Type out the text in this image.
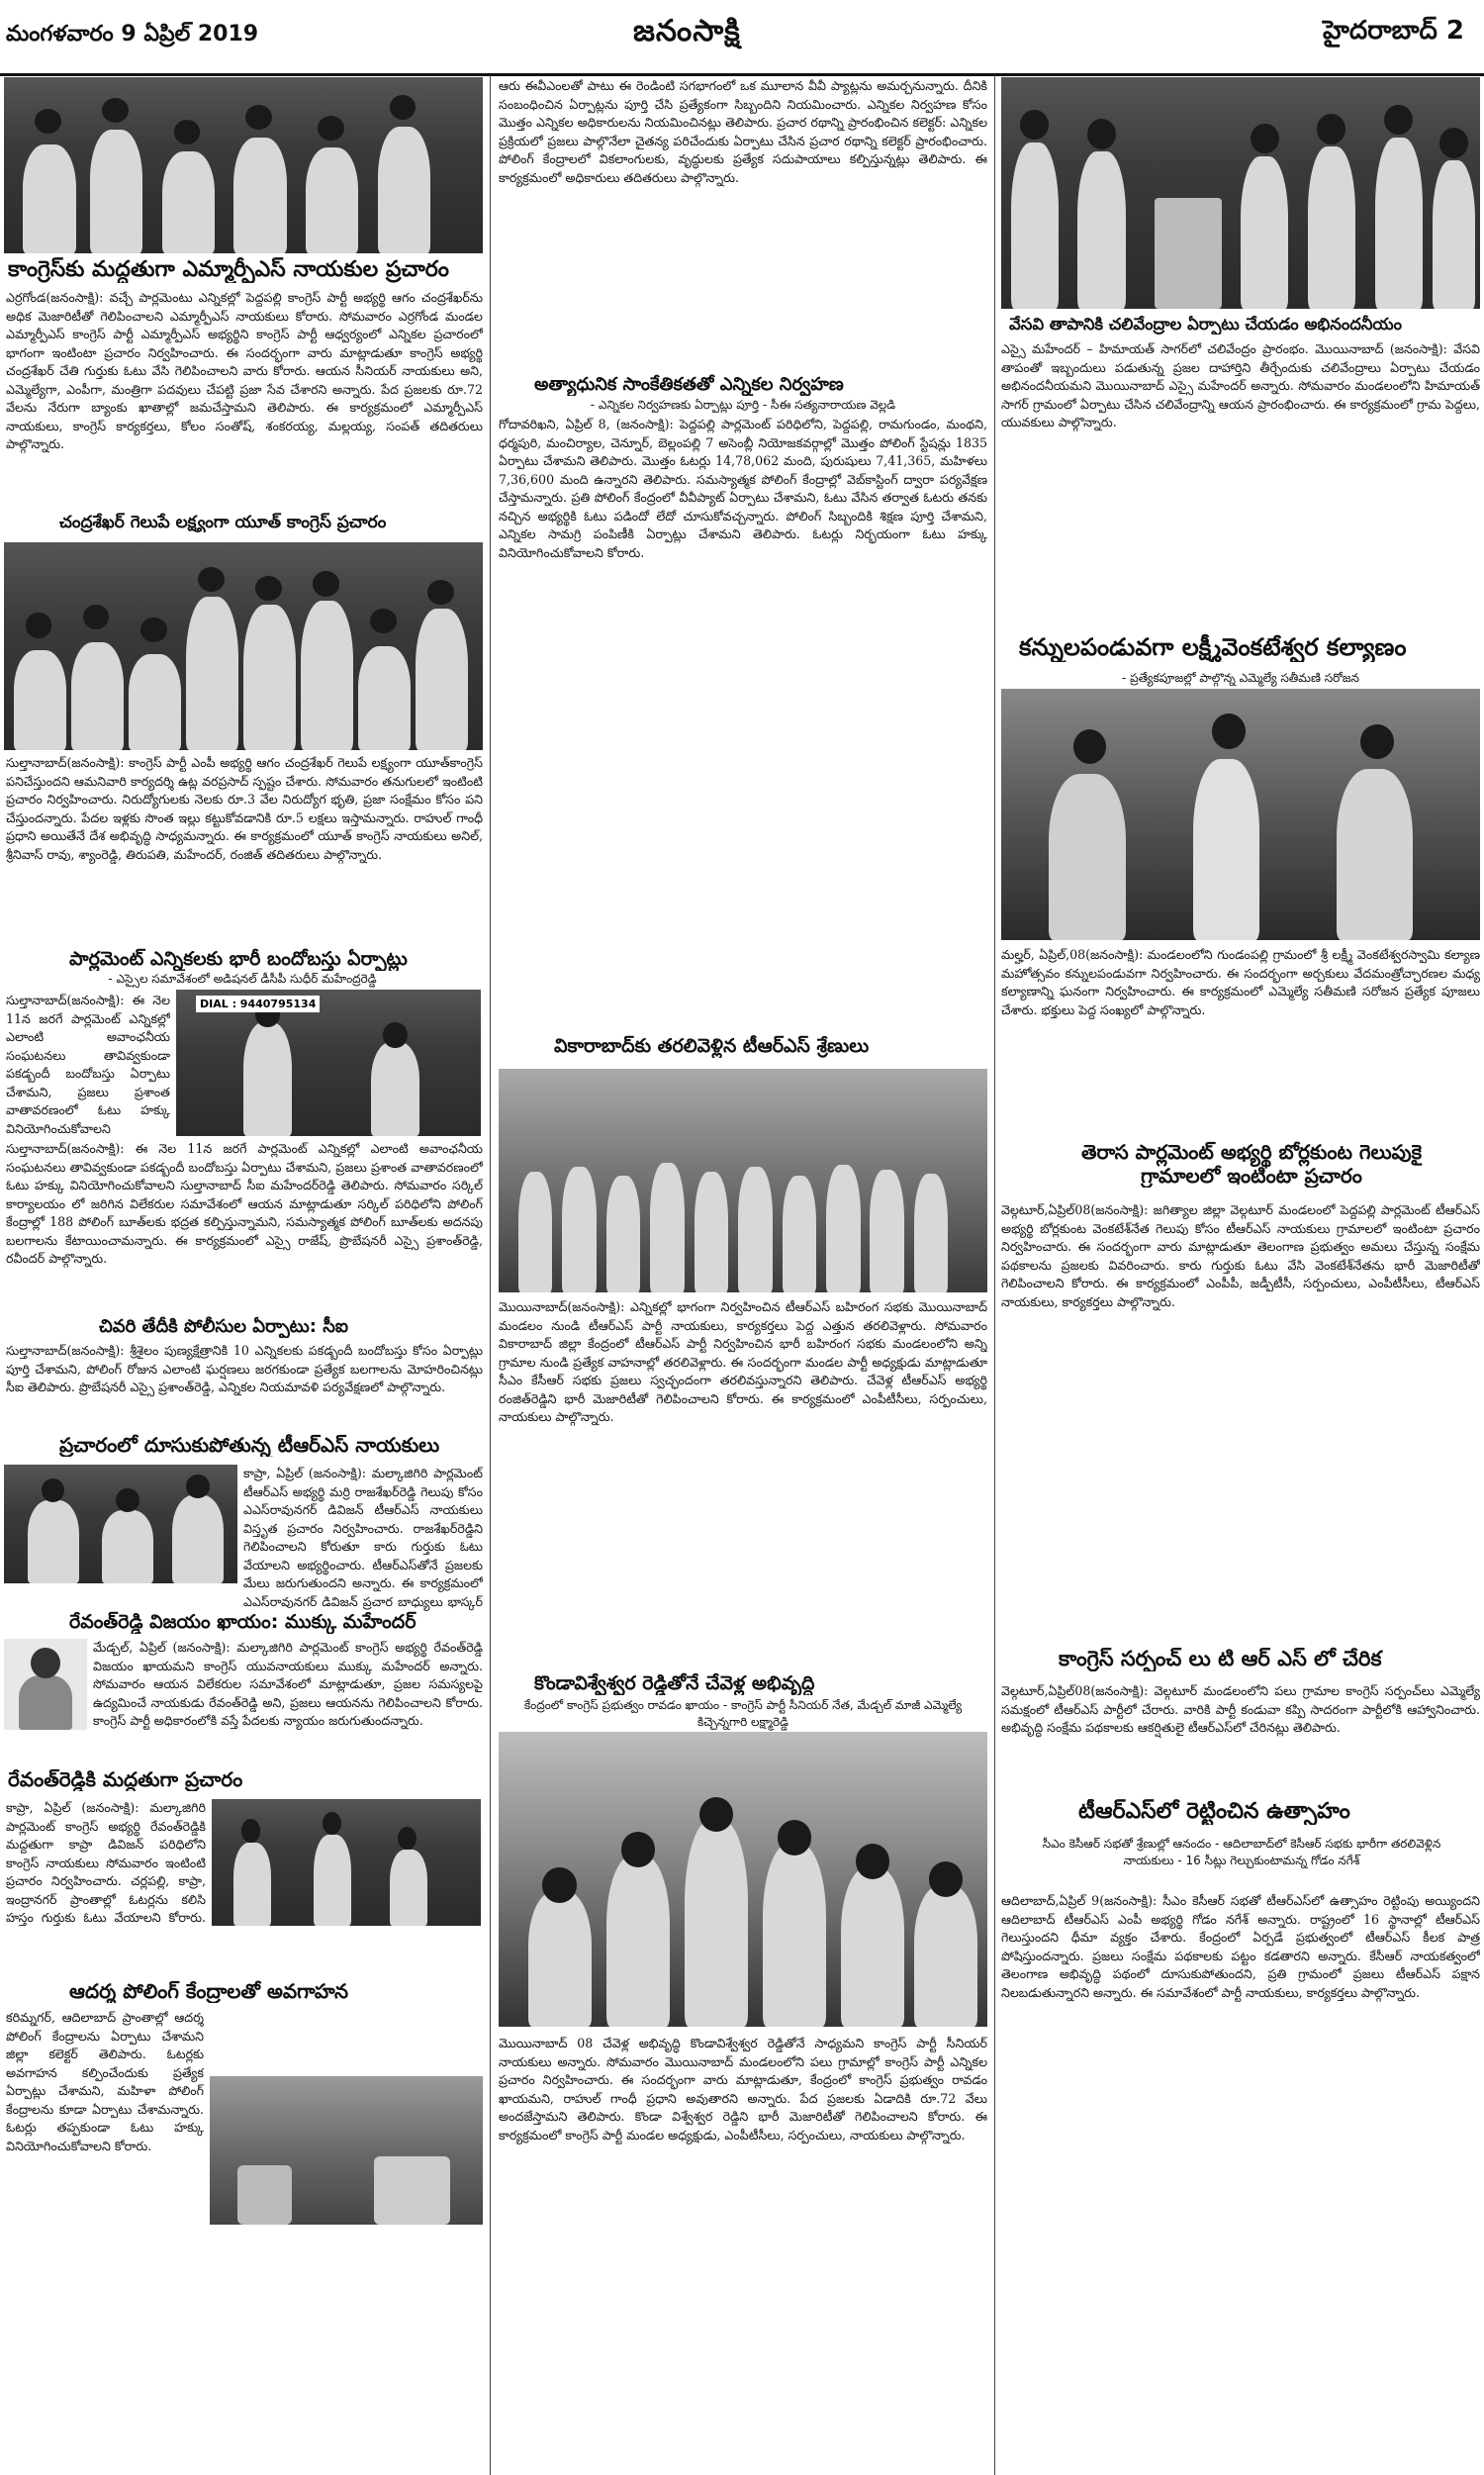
మంగళవారం 9 ఏప్రిల్ 2019	జనంసాక్షి	హైదరాబాద్ 2
కాంగ్రెస్‌కు మద్దతుగా ఎమ్మార్పీఎస్ నాయకుల ప్రచారం
ఎర్రగోండ(జనంసాక్షి): వచ్చే పార్లమెంటు ఎన్నికల్లో పెద్దపల్లి కాంగ్రెస్ పార్టీ అభ్యర్థి ఆగం చంద్రశేఖర్‌ను అధిక మెజారిటీతో గెలిపించాలని ఎమ్మార్పీఎస్ నాయకులు కోరారు. సోమవారం ఎర్రగోండ మండల ఎమ్మార్పీఎస్ కాంగ్రెస్ పార్టీ ఎమ్మార్పీఎస్ అభ్యర్థిని కాంగ్రెస్ పార్టీ ఆధ్వర్యంలో ఎన్నికల ప్రచారంలో భాగంగా ఇంటింటా ప్రచారం నిర్వహించారు. ఈ సందర్భంగా వారు మాట్లాడుతూ కాంగ్రెస్ అభ్యర్థి చంద్రశేఖర్ చేతి గుర్తుకు ఓటు వేసి గెలిపించాలని వారు కోరారు. ఆయన సీనియర్ నాయకులు అని, ఎమ్మెల్యేగా, ఎంపీగా, మంత్రిగా పదవులు చేపట్టి ప్రజా సేవ చేశారని అన్నారు. పేద ప్రజలకు రూ.72 వేలను నేరుగా బ్యాంకు ఖాతాల్లో జమచేస్తామని తెలిపారు. ఈ కార్యక్రమంలో ఎమ్మార్పీఎస్ నాయకులు, కాంగ్రెస్ కార్యకర్తలు, కోలం సంతోష్, శంకరయ్య, మల్లయ్య, సంపత్ తదితరులు పాల్గొన్నారు.
చంద్రశేఖర్ గెలుపే లక్ష్యంగా యూత్ కాంగ్రెస్ ప్రచారం
సుల్తానాబాద్(జనంసాక్షి): కాంగ్రెస్ పార్టీ ఎంపీ అభ్యర్థి ఆగం చంద్రశేఖర్ గెలుపే లక్ష్యంగా యూత్‌కాంగ్రెస్ పనిచేస్తుందని ఆమనివారి కార్యదర్శి ఉట్ల వరప్రసాద్ స్పష్టం చేశారు. సోమవారం తనుగులలో ఇంటింటి ప్రచారం నిర్వహించారు. నిరుద్యోగులకు నెలకు రూ.3 వేల నిరుద్యోగ భృతి, ప్రజా సంక్షేమం కోసం పని చేస్తుందన్నారు. పేదల ఇళ్లకు సొంత ఇల్లు కట్టుకోవడానికి రూ.5 లక్షలు ఇస్తామన్నారు. రాహుల్ గాంధీ ప్రధాని అయితేనే దేశ అభివృద్ధి సాధ్యమన్నారు. ఈ కార్యక్రమంలో యూత్ కాంగ్రెస్ నాయకులు అనిల్, శ్రీనివాస్ రావు, శ్యాంరెడ్డి, తిరుపతి, మహేందర్, రంజిత్ తదితరులు పాల్గొన్నారు.
పార్లమెంట్ ఎన్నికలకు భారీ బందోబస్తు ఏర్పాట్లు
- ఎస్సైల సమావేశంలో అడిషనల్ డీసీపీ సుధీర్ మహేంద్రరెడ్డి
DIAL : 9440795134
సుల్తానాబాద్(జనంసాక్షి): ఈ నెల 11న జరగే పార్లమెంట్ ఎన్నికల్లో ఎలాంటి అవాంఛనీయ సంఘటనలు తావివ్వకుండా పకడ్బందీ బందోబస్తు ఏర్పాటు చేశామని, ప్రజలు ప్రశాంత వాతావరణంలో ఓటు హక్కు వినియోగించుకోవాలని
సుల్తానాబాద్(జనంసాక్షి): ఈ నెల 11న జరగే పార్లమెంట్ ఎన్నికల్లో ఎలాంటి అవాంఛనీయ సంఘటనలు తావివ్వకుండా పకడ్బందీ బందోబస్తు ఏర్పాటు చేశామని, ప్రజలు ప్రశాంత వాతావరణంలో ఓటు హక్కు వినియోగించుకోవాలని సుల్తానాబాద్ సీఐ మహేందర్‌రెడ్డి తెలిపారు. సోమవారం సర్కిల్ కార్యాలయం లో జరిగిన విలేకరుల సమావేశంలో ఆయన మాట్లాడుతూ సర్కిల్ పరిధిలోని పోలింగ్ కేంద్రాల్లో 188 పోలింగ్ బూత్‌లకు భద్రత కల్పిస్తున్నామని, సమస్యాత్మక పోలింగ్ బూత్‌లకు అదనపు బలగాలను కేటాయించామన్నారు. ఈ కార్యక్రమంలో ఎస్సై రాజేష్, ప్రొబేషనరీ ఎస్సై ప్రశాంత్‌రెడ్డి, రవీందర్ పాల్గొన్నారు.
చివరి తేదీకి పోలీసుల ఏర్పాటు: సీఐ
సుల్తానాబాద్(జనంసాక్షి): శ్రీశైలం పుణ్యక్షేత్రానికి 10 ఎన్నికలకు పకడ్బందీ బందోబస్తు కోసం ఏర్పాట్లు పూర్తి చేశామని, పోలింగ్ రోజున ఎలాంటి ఘర్షణలు జరగకుండా ప్రత్యేక బలగాలను మోహరించినట్లు సీఐ తెలిపారు. ప్రొబేషనరీ ఎస్సై ప్రశాంత్‌రెడ్డి, ఎన్నికల నియమావళి పర్యవేక్షణలో పాల్గొన్నారు.
ప్రచారంలో దూసుకుపోతున్న టీఆర్ఎస్ నాయకులు
కాప్రా, ఏప్రిల్ (జనంసాక్షి): మల్కాజిగిరి పార్లమెంట్ టీఆర్ఎస్ అభ్యర్థి మర్రి రాజశేఖర్‌రెడ్డి గెలుపు కోసం ఎఎస్‌రావునగర్ డివిజన్ టీఆర్ఎస్ నాయకులు విస్తృత ప్రచారం నిర్వహించారు. రాజశేఖర్‌రెడ్డిని గెలిపించాలని కోరుతూ కారు గుర్తుకు ఓటు వేయాలని అభ్యర్థించారు. టీఆర్ఎస్‌తోనే ప్రజలకు మేలు జరుగుతుందని అన్నారు. ఈ కార్యక్రమంలో ఎఎస్‌రావునగర్ డివిజన్ ప్రచార బాధ్యులు భాస్కర్
రేవంత్‌రెడ్డి విజయం ఖాయం: ముక్కు మహేందర్
మేడ్చల్, ఏప్రిల్ (జనంసాక్షి): మల్కాజిగిరి పార్లమెంట్ కాంగ్రెస్ అభ్యర్థి రేవంత్‌రెడ్డి విజయం ఖాయమని కాంగ్రెస్ యువనాయకులు ముక్కు మహేందర్ అన్నారు. సోమవారం ఆయన విలేకరుల సమావేశంలో మాట్లాడుతూ, ప్రజల సమస్యలపై ఉద్యమించే నాయకుడు రేవంత్‌రెడ్డి అని, ప్రజలు ఆయనను గెలిపించాలని కోరారు. కాంగ్రెస్ పార్టీ అధికారంలోకి వస్తే పేదలకు న్యాయం జరుగుతుందన్నారు.
రేవంత్‌రెడ్డికి మద్దతుగా ప్రచారం
కాప్రా, ఏప్రిల్ (జనంసాక్షి): మల్కాజిగిరి పార్లమెంట్ కాంగ్రెస్ అభ్యర్థి రేవంత్‌రెడ్డికి మద్దతుగా కాప్రా డివిజన్ పరిధిలోని కాంగ్రెస్ నాయకులు సోమవారం ఇంటింటి ప్రచారం నిర్వహించారు. చర్లపల్లి, కాప్రా, ఇంద్రానగర్ ప్రాంతాల్లో ఓటర్లను కలిసి హస్తం గుర్తుకు ఓటు వేయాలని కోరారు.
ఆదర్శ పోలింగ్ కేంద్రాలతో అవగాహన
కరిమ్నగర్, ఆదిలాబాద్ ప్రాంతాల్లో ఆదర్శ పోలింగ్ కేంద్రాలను ఏర్పాటు చేశామని జిల్లా కలెక్టర్ తెలిపారు. ఓటర్లకు అవగాహన కల్పించేందుకు ప్రత్యేక ఏర్పాట్లు చేశామని, మహిళా పోలింగ్ కేంద్రాలను కూడా ఏర్పాటు చేశామన్నారు. ఓటర్లు తప్పకుండా ఓటు హక్కు వినియోగించుకోవాలని కోరారు.
ఆరు ఈవీఎంలతో పాటు ఈ రెండింటి సగభాగంలో ఒక మూలాన వీవీ ప్యాట్లను అమర్చనున్నారు. దీనికి సంబంధించిన ఏర్పాట్లను పూర్తి చేసి ప్రత్యేకంగా సిబ్బందిని నియమించారు. ఎన్నికల నిర్వహణ కోసం మొత్తం ఎన్నికల అధికారులను నియమించినట్లు తెలిపారు. ప్రచార రథాన్ని ప్రారంభించిన కలెక్టర్: ఎన్నికల ప్రక్రియలో ప్రజలు పాల్గొనేలా చైతన్య పరిచేందుకు ఏర్పాటు చేసిన ప్రచార రథాన్ని కలెక్టర్ ప్రారంభించారు. పోలింగ్ కేంద్రాలలో వికలాంగులకు, వృద్ధులకు ప్రత్యేక సదుపాయాలు కల్పిస్తున్నట్లు తెలిపారు. ఈ కార్యక్రమంలో అధికారులు తదితరులు పాల్గొన్నారు.
అత్యాధునిక సాంకేతికతతో ఎన్నికల నిర్వహణ
- ఎన్నికల నిర్వహణకు ఏర్పాట్లు పూర్తి - సీఈ సత్యనారాయణ వెల్లడి
గోదావరిఖని, ఏప్రిల్ 8, (జనంసాక్షి): పెద్దపల్లి పార్లమెంట్ పరిధిలోని, పెద్దపల్లి, రామగుండం, మంథని, ధర్మపురి, మంచిర్యాల, చెన్నూర్, బెల్లంపల్లి 7 అసెంబ్లీ నియోజకవర్గాల్లో మొత్తం పోలింగ్ స్టేషన్లు 1835 ఏర్పాటు చేశామని తెలిపారు. మొత్తం ఓటర్లు 14,78,062 మంది, పురుషులు 7,41,365, మహిళలు 7,36,600 మంది ఉన్నారని తెలిపారు. సమస్యాత్మక పోలింగ్ కేంద్రాల్లో వెబ్‌కాస్టింగ్ ద్వారా పర్యవేక్షణ చేస్తామన్నారు. ప్రతి పోలింగ్ కేంద్రంలో వీవీప్యాట్‌ ఏర్పాటు చేశామని, ఓటు వేసిన తర్వాత ఓటరు తనకు నచ్చిన అభ్యర్థికి ఓటు పడిందో లేదో చూసుకోవచ్చన్నారు. పోలింగ్ సిబ్బందికి శిక్షణ పూర్తి చేశామని, ఎన్నికల సామగ్రి పంపిణీకి ఏర్పాట్లు చేశామని తెలిపారు. ఓటర్లు నిర్భయంగా ఓటు హక్కు వినియోగించుకోవాలని కోరారు.
వికారాబాద్‌కు తరలివెళ్లిన టీఆర్ఎస్ శ్రేణులు
మొయినాబాద్(జనంసాక్షి): ఎన్నికల్లో భాగంగా నిర్వహించిన టీఆర్ఎస్ బహిరంగ సభకు మొయినాబాద్ మండలం నుండి టీఆర్ఎస్ పార్టీ నాయకులు, కార్యకర్తలు పెద్ద ఎత్తున తరలివెళ్లారు. సోమవారం వికారాబాద్ జిల్లా కేంద్రంలో టీఆర్ఎస్ పార్టీ నిర్వహించిన భారీ బహిరంగ సభకు మండలంలోని అన్ని గ్రామాల నుండి ప్రత్యేక వాహనాల్లో తరలివెళ్లారు. ఈ సందర్భంగా మండల పార్టీ అధ్యక్షుడు మాట్లాడుతూ సీఎం కేసీఆర్ సభకు ప్రజలు స్వచ్ఛందంగా తరలివస్తున్నారని తెలిపారు. చేవెళ్ల టీఆర్ఎస్ అభ్యర్థి రంజిత్‌రెడ్డిని భారీ మెజారిటీతో గెలిపించాలని కోరారు. ఈ కార్యక్రమంలో ఎంపీటీసీలు, సర్పంచులు, నాయకులు పాల్గొన్నారు.
కొండావిశ్వేశ్వర రెడ్డితోనే చేవెళ్ల అభివృద్ధి
కేంద్రంలో కాంగ్రెస్ ప్రభుత్వం రావడం ఖాయం - కాంగ్రెస్ పార్టీ సీనియర్ నేత, మేడ్చల్ మాజీ ఎమ్మెల్యే కిచ్చెన్నగారి లక్ష్మారెడ్డి
మొయినాబాద్ 08 చేవెళ్ల అభివృద్ధి కొండావిశ్వేశ్వర రెడ్డితోనే సాధ్యమని కాంగ్రెస్ పార్టీ సీనియర్ నాయకులు అన్నారు. సోమవారం మొయినాబాద్ మండలంలోని పలు గ్రామాల్లో కాంగ్రెస్ పార్టీ ఎన్నికల ప్రచారం నిర్వహించారు. ఈ సందర్భంగా వారు మాట్లాడుతూ, కేంద్రంలో కాంగ్రెస్ ప్రభుత్వం రావడం ఖాయమని, రాహుల్ గాంధీ ప్రధాని అవుతారని అన్నారు. పేద ప్రజలకు ఏడాదికి రూ.72 వేలు అందజేస్తామని తెలిపారు. కొండా విశ్వేశ్వర రెడ్డిని భారీ మెజారిటీతో గెలిపించాలని కోరారు. ఈ కార్యక్రమంలో కాంగ్రెస్ పార్టీ మండల అధ్యక్షుడు, ఎంపీటీసీలు, సర్పంచులు, నాయకులు పాల్గొన్నారు.
వేసవి తాపానికి చలివేంద్రాల ఏర్పాటు చేయడం అభినందనీయం
ఎస్సై మహేందర్‌ – హిమాయత్ సాగర్‌లో చలివేంద్రం ప్రారంభం. మొయినాబాద్ (జనంసాక్షి): వేసవి తాపంతో ఇబ్బందులు పడుతున్న ప్రజల దాహార్తిని తీర్చేందుకు చలివేంద్రాలు ఏర్పాటు చేయడం అభినందనీయమని మొయినాబాద్ ఎస్సై మహేందర్ అన్నారు. సోమవారం మండలంలోని హిమాయత్ సాగర్ గ్రామంలో ఏర్పాటు చేసిన చలివేంద్రాన్ని ఆయన ప్రారంభించారు. ఈ కార్యక్రమంలో గ్రామ పెద్దలు, యువకులు పాల్గొన్నారు.
కన్నులపండువగా లక్ష్మీవెంకటేశ్వర కల్యాణం
- ప్రత్యేకపూజల్లో పాల్గొన్న ఎమ్మెల్యే సతీమణి సరోజన
మల్హర్, ఏప్రిల్,08(జనంసాక్షి): మండలంలోని గుండంపల్లి గ్రామంలో శ్రీ లక్ష్మీ వెంకటేశ్వరస్వామి కల్యాణ మహోత్సవం కన్నులపండువగా నిర్వహించారు. ఈ సందర్భంగా అర్చకులు వేదమంత్రోచ్ఛారణల మధ్య కల్యాణాన్ని ఘనంగా నిర్వహించారు. ఈ కార్యక్రమంలో ఎమ్మెల్యే సతీమణి సరోజన ప్రత్యేక పూజలు చేశారు. భక్తులు పెద్ద సంఖ్యలో పాల్గొన్నారు.
తెరాస పార్లమెంట్ అభ్యర్థి బోర్లకుంట గెలుపుకై గ్రామాలలో ఇంటింటా ప్రచారం
వెల్గటూర్,ఏప్రిల్08(జనంసాక్షి): జగిత్యాల జిల్లా వెల్గటూర్ మండలంలో పెద్దపల్లి పార్లమెంట్ టీఆర్ఎస్ అభ్యర్థి బోర్లకుంట వెంకటేశ్‌నేత గెలుపు కోసం టీఆర్ఎస్ నాయకులు గ్రామాలలో ఇంటింటా ప్రచారం నిర్వహించారు. ఈ సందర్భంగా వారు మాట్లాడుతూ తెలంగాణ ప్రభుత్వం అమలు చేస్తున్న సంక్షేమ పథకాలను ప్రజలకు వివరించారు. కారు గుర్తుకు ఓటు వేసి వెంకటేశ్‌నేతను భారీ మెజారిటీతో గెలిపించాలని కోరారు. ఈ కార్యక్రమంలో ఎంపీపీ, జడ్పీటీసీ, సర్పంచులు, ఎంపీటీసీలు, టీఆర్ఎస్ నాయకులు, కార్యకర్తలు పాల్గొన్నారు.
కాంగ్రెస్ సర్పంచ్ లు టి ఆర్ ఎస్ లో చేరిక
వెల్గటూర్,ఏప్రిల్08(జనంసాక్షి): వెల్గటూర్ మండలంలోని పలు గ్రామాల కాంగ్రెస్ సర్పంచ్‌లు ఎమ్మెల్యే సమక్షంలో టీఆర్ఎస్ పార్టీలో చేరారు. వారికి పార్టీ కండువా కప్పి సాదరంగా పార్టీలోకి ఆహ్వానించారు. అభివృద్ధి సంక్షేమ పథకాలకు ఆకర్షితులై టీఆర్ఎస్‌లో చేరినట్లు తెలిపారు.
టీఆర్ఎస్‌లో రెట్టించిన ఉత్సాహం
సీఎం కెసీఆర్ సభతో శ్రేణుల్లో ఆనందం - ఆదిలాబాద్‌లో కెసీఆర్ సభకు భారీగా తరలివెళ్లిన నాయకులు - 16 సీట్లు గెల్చుకుంటామన్న గోడం నగేశ్
ఆదిలాబాద్,ఏప్రిల్ 9(జనంసాక్షి): సీఎం కెసీఆర్ సభతో టీఆర్ఎస్‌లో ఉత్సాహం రెట్టింపు అయ్యిందని ఆదిలాబాద్ టీఆర్ఎస్ ఎంపీ అభ్యర్థి గోడం నగేశ్ అన్నారు. రాష్ట్రంలో 16 స్థానాల్లో టీఆర్ఎస్ గెలుస్తుందని ధీమా వ్యక్తం చేశారు. కేంద్రంలో ఏర్పడే ప్రభుత్వంలో టీఆర్ఎస్ కీలక పాత్ర పోషిస్తుందన్నారు. ప్రజలు సంక్షేమ పథకాలకు పట్టం కడతారని అన్నారు. కేసీఆర్ నాయకత్వంలో తెలంగాణ అభివృద్ధి పథంలో దూసుకుపోతుందని, ప్రతి గ్రామంలో ప్రజలు టీఆర్ఎస్ పక్షాన నిలబడుతున్నారని అన్నారు. ఈ సమావేశంలో పార్టీ నాయకులు, కార్యకర్తలు పాల్గొన్నారు.
